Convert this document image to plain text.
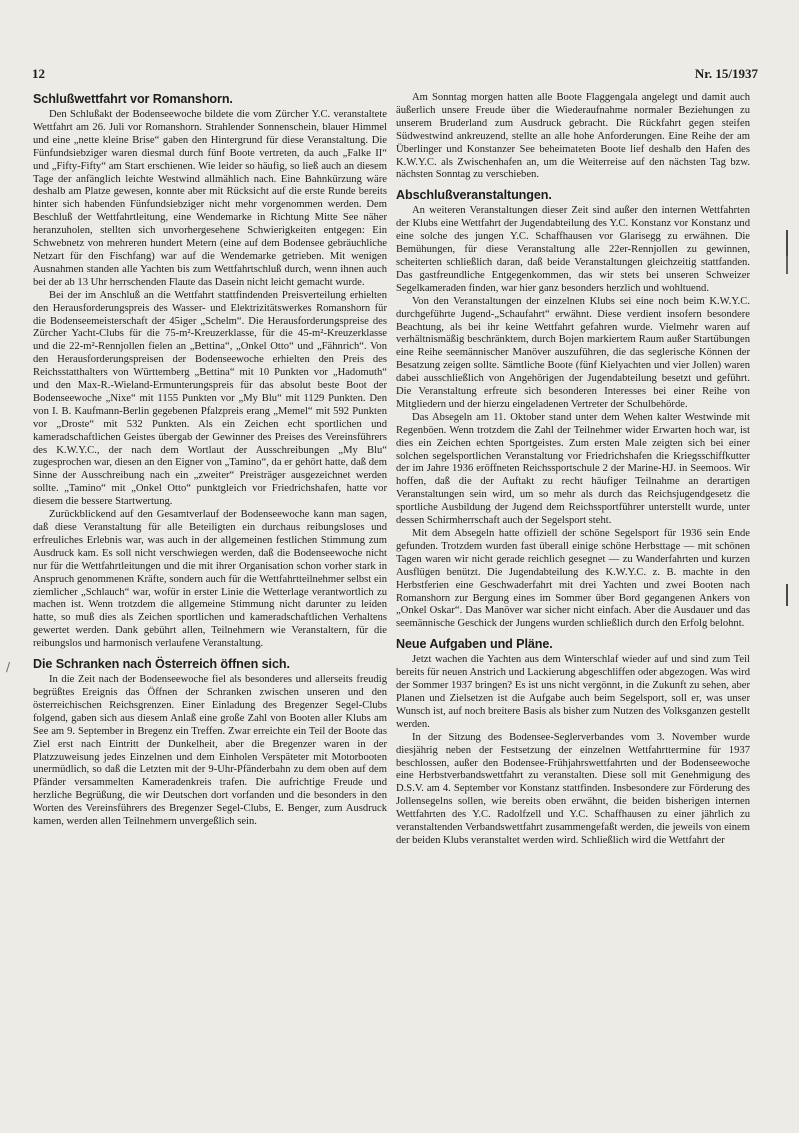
12	Nr. 15/1937
Schlußwettfahrt vor Romanshorn.

Den Schlußakt der Bodenseewoche bildete die vom Zürcher Y.C. veranstaltete Wettfahrt am 26. Juli vor Romanshorn. Strahlender Sonnenschein, blauer Himmel und eine „nette kleine Brise“ gaben den Hintergrund für diese Veranstaltung. Die Fünfundsiebziger waren diesmal durch fünf Boote vertreten, da auch „Falke II“ und „Fifty-Fifty“ am Start erschienen. Wie leider so häufig, so ließ auch an diesem Tage der anfänglich leichte Westwind allmählich nach. Eine Bahnkürzung wäre deshalb am Platze gewesen, konnte aber mit Rücksicht auf die erste Runde bereits hinter sich habenden Fünfundsiebziger nicht mehr vorgenommen werden. Dem Beschluß der Wettfahrtleitung, eine Wendemarke in Richtung Mitte See näher heranzuholen, stellten sich unvorhergesehene Schwierigkeiten entgegen: Ein Schwebnetz von mehreren hundert Metern (eine auf dem Bodensee gebräuchliche Netzart für den Fischfang) war auf die Wendemarke getrieben. Mit wenigen Ausnahmen standen alle Yachten bis zum Wettfahrtschluß durch, wenn ihnen auch bei der ab 13 Uhr herrschenden Flaute das Dasein nicht leicht gemacht wurde.

Bei der im Anschluß an die Wettfahrt stattfindenden Preisverteilung erhielten den Herausforderungspreis des Wasser- und Elektrizitätswerkes Romanshorn für die Bodenseemeisterschaft der 45iger „Schelm“. Die Herausforderungspreise des Zürcher Yacht-Clubs für die 75-m²-Kreuzerklasse, für die 45-m²-Kreuzerklasse und die 22-m²-Rennjollen fielen an „Bettina“, „Onkel Otto“ und „Fähnrich“. Von den Herausforderungspreisen der Bodenseewoche erhielten den Preis des Reichsstatthalters von Württemberg „Bettina“ mit 10 Punkten vor „Hadomuth“ und den Max-R.-Wieland-Ermunterungspreis für das absolut beste Boot der Bodenseewoche „Nixe“ mit 1155 Punkten vor „My Blu“ mit 1129 Punkten. Den von I. B. Kaufmann-Berlin gegebenen Pfalzpreis erang „Memel“ mit 592 Punkten vor „Droste“ mit 532 Punkten. Als ein Zeichen echt sportlichen und kameradschaftlichen Geistes übergab der Gewinner des Preises des Vereinsführers des K.W.Y.C., der nach dem Wortlaut der Ausschreibungen „My Blu“ zugesprochen war, diesen an den Eigner von „Tamino“, da er gehört hatte, daß dem Sinne der Ausschreibung nach ein „zweiter“ Preisträger ausgezeichnet werden sollte. „Tamino“ mit „Onkel Otto“ punktgleich vor Friedrichshafen, hatte vor diesem die bessere Startwertung.

Zurückblickend auf den Gesamtverlauf der Bodenseewoche kann man sagen, daß diese Veranstaltung für alle Beteiligten ein durchaus reibungsloses und erfreuliches Erlebnis war, was auch in der allgemeinen festlichen Stimmung zum Ausdruck kam. Es soll nicht verschwiegen werden, daß die Bodenseewoche nicht nur für die Wettfahrtleitungen und die mit ihrer Organisation schon vorher stark in Anspruch genommenen Kräfte, sondern auch für die Wettfahrtteilnehmer selbst ein ziemlicher „Schlauch“ war, wofür in erster Linie die Wetterlage verantwortlich zu machen ist. Wenn trotzdem die allgemeine Stimmung nicht darunter zu leiden hatte, so muß dies als Zeichen sportlichen und kameradschaftlichen Verhaltens gewertet werden. Dank gebührt allen, Teilnehmern wie Veranstaltern, für die reibungslos und harmonisch verlaufene Veranstaltung.

Die Schranken nach Österreich öffnen sich.

In die Zeit nach der Bodenseewoche fiel als besonderes und allerseits freudig begrüßtes Ereignis das Öffnen der Schranken zwischen unseren und den österreichischen Reichsgrenzen. Einer Einladung des Bregenzer Segel-Clubs folgend, gaben sich aus diesem Anlaß eine große Zahl von Booten aller Klubs am See am 9. September in Bregenz ein Treffen. Zwar erreichte ein Teil der Boote das Ziel erst nach Eintritt der Dunkelheit, aber die Bregenzer waren in der Platzzuweisung jedes Einzelnen und dem Einholen Verspäteter mit Motorbooten unermüdlich, so daß die Letzten mit der 9-Uhr-Pfänderbahn zu dem oben auf dem Pfänder versammelten Kameradenkreis trafen. Die aufrichtige Freude und herzliche Begrüßung, die wir Deutschen dort vorfanden und die besonders in den Worten des Vereinsführers des Bregenzer Segel-Clubs, E. Benger, zum Ausdruck kamen, werden allen Teilnehmern unvergeßlich sein.

Am Sonntag morgen hatten alle Boote Flaggengala angelegt und damit auch äußerlich unsere Freude über die Wiederaufnahme normaler Beziehungen zu unserem Bruderland zum Ausdruck gebracht. Die Rückfahrt gegen steifen Südwestwind ankreuzend, stellte an alle hohe Anforderungen. Eine Reihe der am Überlinger und Konstanzer See beheimateten Boote lief deshalb den Hafen des K.W.Y.C. als Zwischenhafen an, um die Weiterreise auf den nächsten Tag bzw. nächsten Sonntag zu verschieben.

Abschlußveranstaltungen.

An weiteren Veranstaltungen dieser Zeit sind außer den internen Wettfahrten der Klubs eine Wettfahrt der Jugendabteilung des Y.C. Konstanz vor Konstanz und eine solche des jungen Y.C. Schaffhausen vor Glarisegg zu erwähnen. Die Bemühungen, für diese Veranstaltung alle 22er-Rennjollen zu gewinnen, scheiterten schließlich daran, daß beide Veranstaltungen gleichzeitig stattfanden. Das gastfreundliche Entgegenkommen, das wir stets bei unseren Schweizer Segelkameraden finden, war hier ganz besonders herzlich und wohltuend.

Von den Veranstaltungen der einzelnen Klubs sei eine noch beim K.W.Y.C. durchgeführte Jugend-„Schaufahrt“ erwähnt. Diese verdient insofern besondere Beachtung, als bei ihr keine Wettfahrt gefahren wurde. Vielmehr waren auf verhältnismäßig beschränktem, durch Bojen markiertem Raum außer Startübungen eine Reihe seemännischer Manöver auszuführen, die das seglerische Können der Besatzung zeigen sollte. Sämtliche Boote (fünf Kielyachten und vier Jollen) waren dabei ausschließlich von Angehörigen der Jugendabteilung besetzt und geführt. Die Veranstaltung erfreute sich besonderen Interesses bei einer Reihe von Mitgliedern und der hierzu eingeladenen Vertreter der Schulbehörde.

Das Absegeln am 11. Oktober stand unter dem Wehen kalter Westwinde mit Regenböen. Wenn trotzdem die Zahl der Teilnehmer wider Erwarten hoch war, ist dies ein Zeichen echten Sportgeistes. Zum ersten Male zeigten sich bei einer solchen segelsportlichen Veranstaltung vor Friedrichshafen die Kriegsschiffkutter der im Jahre 1936 eröffneten Reichssportschule 2 der Marine-HJ. in Seemoos. Wir hoffen, daß die der Auftakt zu recht häufiger Teilnahme an derartigen Veranstaltungen sein wird, um so mehr als durch das Reichsjugendgesetz die sportliche Ausbildung der Jugend dem Reichssportführer unterstellt wurde, unter dessen Schirmherrschaft auch der Segelsport steht.

Mit dem Absegeln hatte offiziell der schöne Segelsport für 1936 sein Ende gefunden. Trotzdem wurden fast überall einige schöne Herbsttage — mit schönen Tagen waren wir nicht gerade reichlich gesegnet — zu Wanderfahrten und kurzen Ausflügen benützt. Die Jugendabteilung des K.W.Y.C. z. B. machte in den Herbstferien eine Geschwaderfahrt mit drei Yachten und zwei Booten nach Romanshorn zur Bergung eines im Sommer über Bord gegangenen Ankers von „Onkel Oskar“. Das Manöver war sicher nicht einfach. Aber die Ausdauer und das seemännische Geschick der Jungens wurden schließlich durch den Erfolg belohnt.

Neue Aufgaben und Pläne.

Jetzt wachen die Yachten aus dem Winterschlaf wieder auf und sind zum Teil bereits für neuen Anstrich und Lackierung abgeschliffen oder abgezogen. Was wird der Sommer 1937 bringen? Es ist uns nicht vergönnt, in die Zukunft zu sehen, aber Planen und Zielsetzen ist die Aufgabe auch beim Segelsport, soll er, was unser Wunsch ist, auf noch breitere Basis als bisher zum Nutzen des Volksganzen gestellt werden.

In der Sitzung des Bodensee-Seglerverbandes vom 3. November wurde diesjährig neben der Festsetzung der einzelnen Wettfahrttermine für 1937 beschlossen, außer den Bodensee-Frühjahrswettfahrten und der Bodenseewoche eine Herbstverbandswettfahrt zu veranstalten. Diese soll mit Genehmigung des D.S.V. am 4. September vor Konstanz stattfinden. Insbesondere zur Förderung des Jollensegelns sollen, wie bereits oben erwähnt, die beiden bisherigen internen Wettfahrten des Y.C. Radolfzell und Y.C. Schaffhausen zu einer jährlich zu veranstaltenden Verbandswettfahrt zusammengefaßt werden, die jeweils von einem der beiden Klubs veranstaltet werden wird. Schließlich wird die Wettfahrt der

/
